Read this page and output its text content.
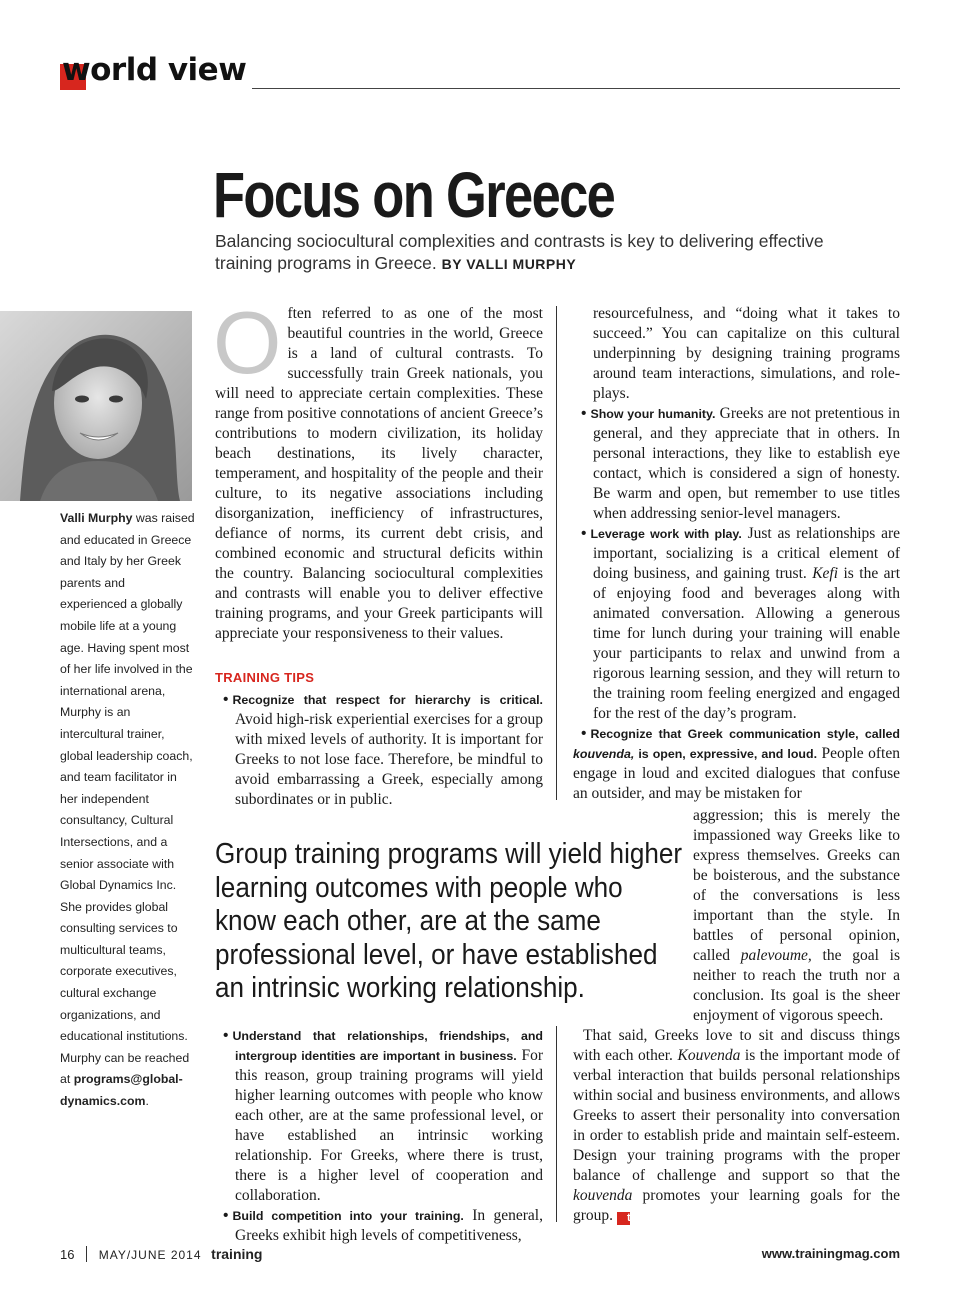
world view
Focus on Greece
Balancing sociocultural complexities and contrasts is key to delivering effective training programs in Greece. BY VALLI MURPHY
Valli Murphy was raised and educated in Greece and Italy by her Greek parents and experienced a globally mobile life at a young age. Having spent most of her life involved in the international arena, Murphy is an intercultural trainer, global leadership coach, and team facilitator in her independent consultancy, Cultural Intersections, and a senior associate with Global Dynamics Inc. She provides global consulting services to multicultural teams, corporate executives, cultural exchange organizations, and educational institutions. Murphy can be reached at programs@global-dynamics.com.

Often referred to as one of the most beautiful countries in the world, Greece is a land of cultural contrasts. To successfully train Greek nationals, you will need to appreciate certain complexities. These range from positive connotations of ancient Greece’s contributions to modern civilization, its holiday beach destinations, its lively character, temperament, and hospitality of the people and their culture, to its negative associations including disorganization, inefficiency of infrastructures, defiance of norms, its current debt crisis, and combined economic and structural deficits within the country. Balancing sociocultural complexities and contrasts will enable you to deliver effective training programs, and your Greek participants will appreciate your responsiveness to their values.

TRAINING TIPS

• Recognize that respect for hierarchy is critical. Avoid high-risk experiential exercises for a group with mixed levels of authority. It is important for Greeks to not lose face. Therefore, be mindful to avoid embarrassing a Greek, especially among subordinates or in public.

resourcefulness, and “doing what it takes to succeed.” You can capitalize on this cultural underpinning by designing training programs around team interactions, simulations, and role-plays.

• Show your humanity. Greeks are not pretentious in general, and they appreciate that in others. In personal interactions, they like to establish eye contact, which is considered a sign of honesty. Be warm and open, but remember to use titles when addressing senior-level managers.

• Leverage work with play. Just as relationships are important, socializing is a critical element of doing business, and gaining trust. Kefi is the art of enjoying food and beverages along with animated conversation. Allowing a generous time for lunch during your training will enable your participants to relax and unwind from a rigorous learning session, and they will return to the training room feeling energized and engaged for the rest of the day’s program.

• Recognize that Greek communication style, called kouvenda, is open, expressive, and loud. People often engage in loud and excited dialogues that confuse an outsider, and may be mistaken for

Group training programs will yield higher learning outcomes with people who know each other, are at the same professional level, or have established an intrinsic working relationship.

aggression; this is merely the impassioned way Greeks like to express themselves. Greeks can be boisterous, and the substance of the conversations is less important than the style. In battles of personal opinion, called palevoume, the goal is neither to reach the truth nor a conclusion. Its goal is the sheer enjoyment of vigorous speech.

That said, Greeks love to sit and discuss things with each other. Kouvenda is the important mode of verbal interaction that builds personal relationships within social and business environments, and allows Greeks to assert their personality into conversation in order to establish pride and maintain self-esteem. Design your training programs with the proper balance of challenge and support so that the kouvenda promotes your learning goals for the group. t

• Understand that relationships, friendships, and intergroup identities are important in business. For this reason, group training programs will yield higher learning outcomes with people who know each other, are at the same professional level, or have established an intrinsic working relationship. For Greeks, where there is trust, there is a higher level of cooperation and collaboration.

• Build competition into your training. In general, Greeks exhibit high levels of competitiveness,

16 MAY/JUNE 2014 training	www.trainingmag.com
